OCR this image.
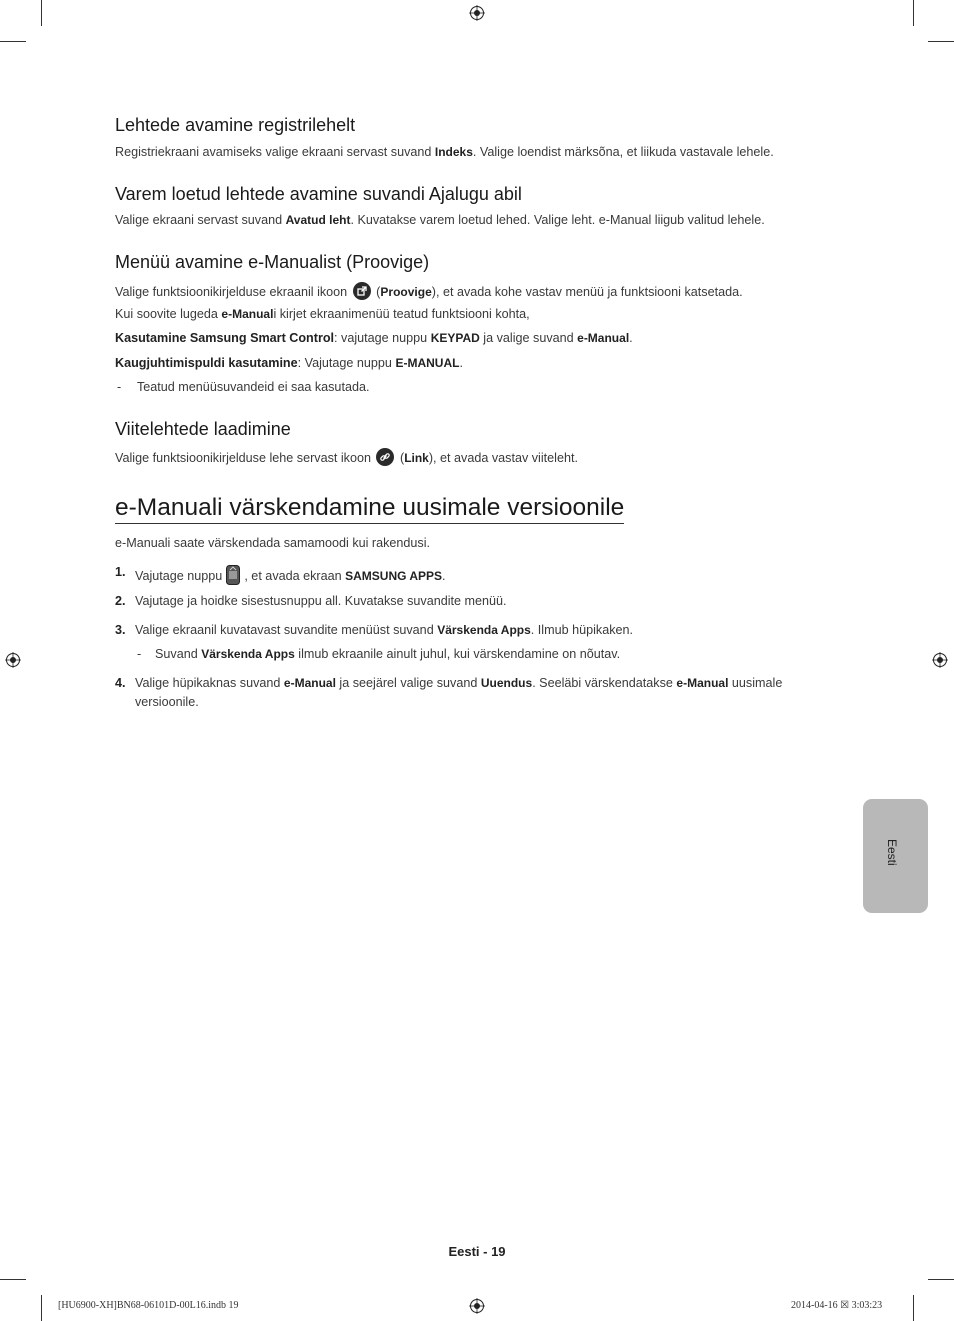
Lehtede avamine registrilehelt

Registriekraani avamiseks valige ekraani servast suvand Indeks. Valige loendist märksõna, et liikuda vastavale lehele.

Varem loetud lehtede avamine suvandi Ajalugu abil

Valige ekraani servast suvand Avatud leht. Kuvatakse varem loetud lehed. Valige leht. e-Manual liigub valitud lehele.

Menüü avamine e-Manualist (Proovige)

Valige funktsioonikirjelduse ekraanil ikoon
(Proovige), et avada kohe vastav menüü ja funktsiooni katsetada.

Kui soovite lugeda e-Manuali kirjet ekraanimenüü teatud funktsiooni kohta,

Kasutamine Samsung Smart Control: vajutage nuppu KEYPAD ja valige suvand e-Manual.

Kaugjuhtimispuldi kasutamine: Vajutage nuppu E-MANUAL.

- Teatud menüüsuvandeid ei saa kasutada.

Viitelehtede laadimine

Valige funktsioonikirjelduse lehe servast ikoon
(Link), et avada vastav viiteleht.

e-Manuali värskendamine uusimale versioonile

e-Manuali saate värskendada samamoodi kui rakendusi.

1. Vajutage nuppu , et avada ekraan SAMSUNG APPS.

2. Vajutage ja hoidke sisestusnuppu all. Kuvatakse suvandite menüü.

3. Valige ekraanil kuvatavast suvandite menüüst suvand Värskenda Apps. Ilmub hüpikaken.

- Suvand Värskenda Apps ilmub ekraanile ainult juhul, kui värskendamine on nõutav.

4. Valige hüpikaknas suvand e-Manual ja seejärel valige suvand Uuendus. Seeläbi värskendatakse e-Manual uusimale

versioonile.

Eesti
Eesti - 19
[HU6900-XH]BN68-06101D-00L16.indb 19	2014-04-16 ☒ 3:03:23
